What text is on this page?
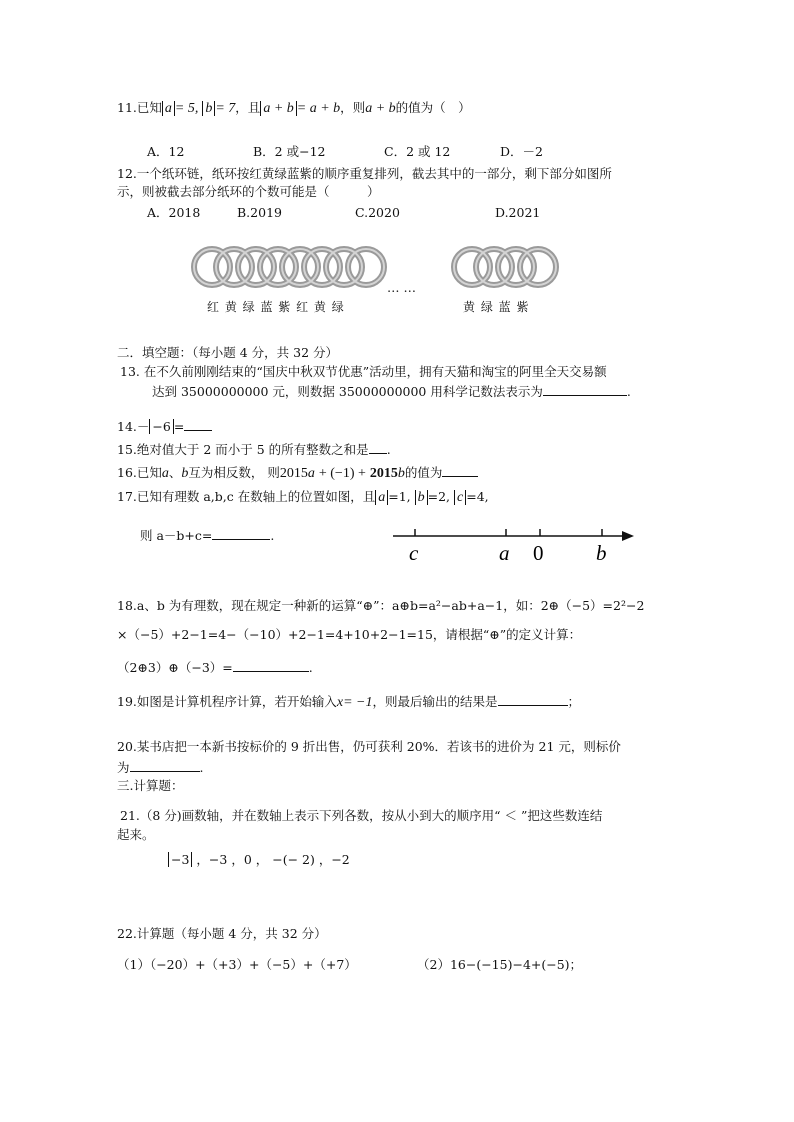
11.已知 a = 5, b = 7，且 a + b = a + b，则a + b的值为（　）
A．12	B．2 或−12	C．2 或 12	D．－2
12.一个纸环链，纸环按红黄绿蓝紫的顺序重复排列，截去其中的一部分，剩下部分如图所
示，则被截去部分纸环的个数可能是（　　　）
A．2018	B.2019	C.2020	D.2021
红 黄 绿 蓝 紫 红 黄 绿
… …
黄 绿 蓝 紫
二．填空题：（每小题 4 分，共 32 分）
13. 在不久前刚刚结束的“国庆中秋双节优惠”活动里，拥有天猫和淘宝的阿里全天交易额
达到 35000000000 元，则数据 35000000000 用科学记数法表示为	.
14.－ −6 =
15.绝对值大于 2 而小于 5 的所有整数之和是 .
16.已知a、b互为相反数， 则2015a + (−1) + 2015b的值为
17.已知有理数 a,b,c 在数轴上的位置如图，且 a =1, b =2, c =4,
则 a－b+c=	.
c	a 0	b
18.a、b 为有理数，现在规定一种新的运算“⊕”：a⊕b=a²−ab+a−1，如：2⊕（−5）=2²−2
×（−5）+2−1=4−（−10）+2−1=4+10+2−1=15，请根据“⊕”的定义计算：
（2⊕3）⊕（−3）=	.
19.如图是计算机程序计算，若开始输入x= −1，则最后输出的结果是	；
20.某书店把一本新书按标价的 9 折出售，仍可获利 20%．若该书的进价为 21 元，则标价
为	.
三.计算题：
21.（8 分)画数轴，并在数轴上表示下列各数，按从小到大的顺序用“ ＜ ”把这些数连结
起来。
−3 ，−3 ，0 ， −(− 2) ，−2
22.计算题（每小题 4 分，共 32 分）
（1）（−20）+（+3）+（−5）+（+7）	（2）16−(−15)−4+(−5)；
